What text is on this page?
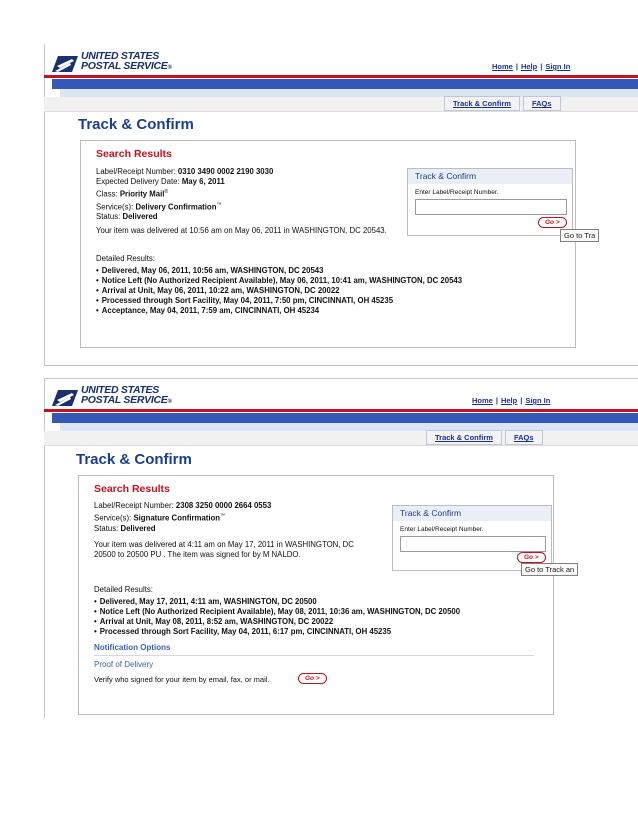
UNITED STATES
POSTAL SERVICE®	Home | Help | Sign In
Track & Confirm	FAQs
Track & Confirm
Search Results
Label/Receipt Number: 0310 3490 0002 2190 3030
Expected Delivery Date: May 6, 2011
Class: Priority Mail®
Service(s): Delivery Confirmation™
Status: Delivered
Your item was delivered at 10:56 am on May 06, 2011 in WASHINGTON, DC 20543.
Detailed Results:
• Delivered, May 06, 2011, 10:56 am, WASHINGTON, DC 20543
• Notice Left (No Authorized Recipient Available), May 06, 2011, 10:41 am, WASHINGTON, DC 20543
• Arrival at Unit, May 06, 2011, 10:22 am, WASHINGTON, DC 20022
• Processed through Sort Facility, May 04, 2011, 7:50 pm, CINCINNATI, OH 45235
• Acceptance, May 04, 2011, 7:59 am, CINCINNATI, OH 45234
Track & Confirm
Enter Label/Receipt Number.
Go >
Go to Tra
UNITED STATES
POSTAL SERVICE®	Home | Help | Sign In
Track & Confirm	FAQs
Track & Confirm
Search Results
Label/Receipt Number: 2308 3250 0000 2664 0553
Service(s): Signature Confirmation™
Status: Delivered
Your item was delivered at 4:11 am on May 17, 2011 in WASHINGTON, DC 20500 to 20500 PU . The item was signed for by M NALDO.
Detailed Results:
• Delivered, May 17, 2011, 4:11 am, WASHINGTON, DC 20500
• Notice Left (No Authorized Recipient Available), May 08, 2011, 10:36 am, WASHINGTON, DC 20500
• Arrival at Unit, May 08, 2011, 8:52 am, WASHINGTON, DC 20022
• Processed through Sort Facility, May 04, 2011, 6:17 pm, CINCINNATI, OH 45235
Notification Options
Proof of Delivery
Verify who signed for your item by email, fax, or mail.	Go >
Track & Confirm
Enter Label/Receipt Number.
Go >
Go to Track an
